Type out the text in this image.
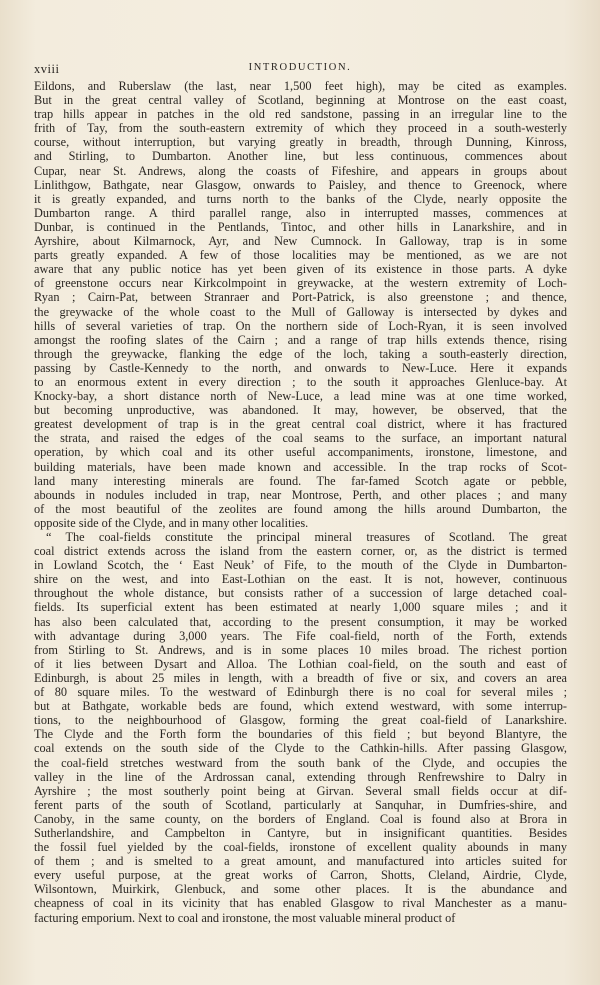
xviii	INTRODUCTION.
Eildons, and Ruberslaw (the last, near 1,500 feet high), may be cited as examples.
But in the great central valley of Scotland, beginning at Montrose on the east coast,
trap hills appear in patches in the old red sandstone, passing in an irregular line to the
frith of Tay, from the south-eastern extremity of which they proceed in a south-westerly
course, without interruption, but varying greatly in breadth, through Dunning, Kinross,
and Stirling, to Dumbarton. Another line, but less continuous, commences about
Cupar, near St. Andrews, along the coasts of Fifeshire, and appears in groups about
Linlithgow, Bathgate, near Glasgow, onwards to Paisley, and thence to Greenock, where
it is greatly expanded, and turns north to the banks of the Clyde, nearly opposite the
Dumbarton range. A third parallel range, also in interrupted masses, commences at
Dunbar, is continued in the Pentlands, Tintoc, and other hills in Lanarkshire, and in
Ayrshire, about Kilmarnock, Ayr, and New Cumnock. In Galloway, trap is in some
parts greatly expanded. A few of those localities may be mentioned, as we are not
aware that any public notice has yet been given of its existence in those parts. A dyke
of greenstone occurs near Kirkcolmpoint in greywacke, at the western extremity of Loch-
Ryan ; Cairn-Pat, between Stranraer and Port-Patrick, is also greenstone ; and thence,
the greywacke of the whole coast to the Mull of Galloway is intersected by dykes and
hills of several varieties of trap. On the northern side of Loch-Ryan, it is seen involved
amongst the roofing slates of the Cairn ; and a range of trap hills extends thence, rising
through the greywacke, flanking the edge of the loch, taking a south-easterly direction,
passing by Castle-Kennedy to the north, and onwards to New-Luce. Here it expands
to an enormous extent in every direction ; to the south it approaches Glenluce-bay. At
Knocky-bay, a short distance north of New-Luce, a lead mine was at one time worked,
but becoming unproductive, was abandoned. It may, however, be observed, that the
greatest development of trap is in the great central coal district, where it has fractured
the strata, and raised the edges of the coal seams to the surface, an important natural
operation, by which coal and its other useful accompaniments, ironstone, limestone, and
building materials, have been made known and accessible. In the trap rocks of Scot-
land many interesting minerals are found. The far-famed Scotch agate or pebble,
abounds in nodules included in trap, near Montrose, Perth, and other places ; and many
of the most beautiful of the zeolites are found among the hills around Dumbarton, the
opposite side of the Clyde, and in many other localities.
“ The coal-fields constitute the principal mineral treasures of Scotland. The great
coal district extends across the island from the eastern corner, or, as the district is termed
in Lowland Scotch, the ‘ East Neuk’ of Fife, to the mouth of the Clyde in Dumbarton-
shire on the west, and into East-Lothian on the east. It is not, however, continuous
throughout the whole distance, but consists rather of a succession of large detached coal-
fields. Its superficial extent has been estimated at nearly 1,000 square miles ; and it
has also been calculated that, according to the present consumption, it may be worked
with advantage during 3,000 years. The Fife coal-field, north of the Forth, extends
from Stirling to St. Andrews, and is in some places 10 miles broad. The richest portion
of it lies between Dysart and Alloa. The Lothian coal-field, on the south and east of
Edinburgh, is about 25 miles in length, with a breadth of five or six, and covers an area
of 80 square miles. To the westward of Edinburgh there is no coal for several miles ;
but at Bathgate, workable beds are found, which extend westward, with some interrup-
tions, to the neighbourhood of Glasgow, forming the great coal-field of Lanarkshire.
The Clyde and the Forth form the boundaries of this field ; but beyond Blantyre, the
coal extends on the south side of the Clyde to the Cathkin-hills. After passing Glasgow,
the coal-field stretches westward from the south bank of the Clyde, and occupies the
valley in the line of the Ardrossan canal, extending through Renfrewshire to Dalry in
Ayrshire ; the most southerly point being at Girvan. Several small fields occur at dif-
ferent parts of the south of Scotland, particularly at Sanquhar, in Dumfries-shire, and
Canoby, in the same county, on the borders of England. Coal is found also at Brora in
Sutherlandshire, and Campbelton in Cantyre, but in insignificant quantities. Besides
the fossil fuel yielded by the coal-fields, ironstone of excellent quality abounds in many
of them ; and is smelted to a great amount, and manufactured into articles suited for
every useful purpose, at the great works of Carron, Shotts, Cleland, Airdrie, Clyde,
Wilsontown, Muirkirk, Glenbuck, and some other places. It is the abundance and
cheapness of coal in its vicinity that has enabled Glasgow to rival Manchester as a manu-
facturing emporium. Next to coal and ironstone, the most valuable mineral product of
